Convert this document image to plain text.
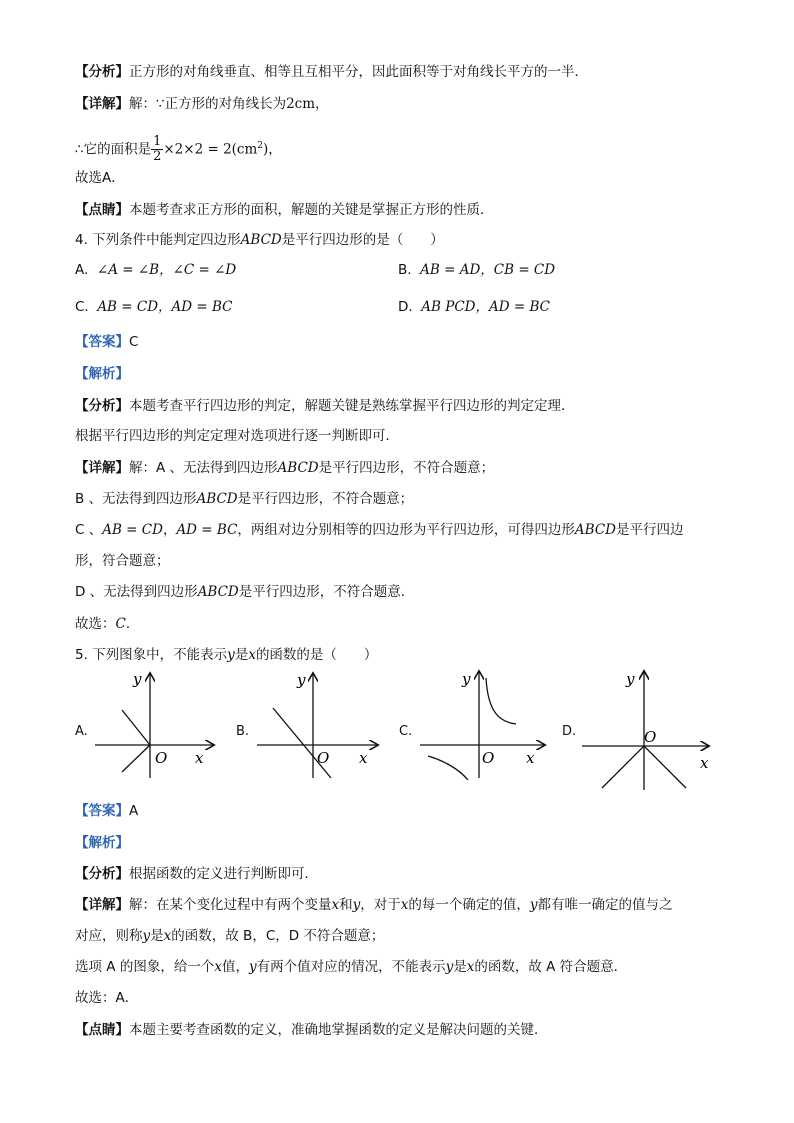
【分析】正方形的对角线垂直、相等且互相平分，因此面积等于对角线长平方的一半．
【详解】解：∵正方形的对角线长为2cm，
∴它的面积是 $\frac{1}{2} \times 2\times 2 = 2(cm^2)$，
故选A．
【点睛】本题考查求正方形的面积，解题的关键是掌握正方形的性质．
4. 下列条件中能判定四边形ABCD是平行四边形的是（　　）
A. ∠A = ∠B，∠C = ∠D	B. AB = AD，CB = CD
C. AB = CD，AD = BC	D. AB PCD，AD = BC
【答案】C
【解析】
【分析】本题考查平行四边形的判定，解题关键是熟练掌握平行四边形的判定定理．
根据平行四边形的判定定理对选项进行逐一判断即可．
【详解】解：A 、无法得到四边形ABCD是平行四边形，不符合题意；
B 、无法得到四边形ABCD是平行四边形，不符合题意；
C 、AB = CD，AD = BC，两组对边分别相等的四边形为平行四边形，可得四边形ABCD是平行四边
形，符合题意；
D 、无法得到四边形ABCD是平行四边形，不符合题意．
故选：C．
5. 下列图象中，不能表示y是x的函数的是（　　）
A.
y
O x
B.
y
O x
C.
y
O x
D.
y
O
x
【答案】A
【解析】
【分析】根据函数的定义进行判断即可．
【详解】解：在某个变化过程中有两个变量x和y，对于x的每一个确定的值，y都有唯一确定的值与之
对应，则称y是x的函数，故 B，C，D 不符合题意；
选项 A 的图象，给一个x值，y有两个值对应的情况，不能表示y是x的函数，故 A 符合题意．
故选：A．
【点睛】本题主要考查函数的定义，准确地掌握函数的定义是解决问题的关键．
